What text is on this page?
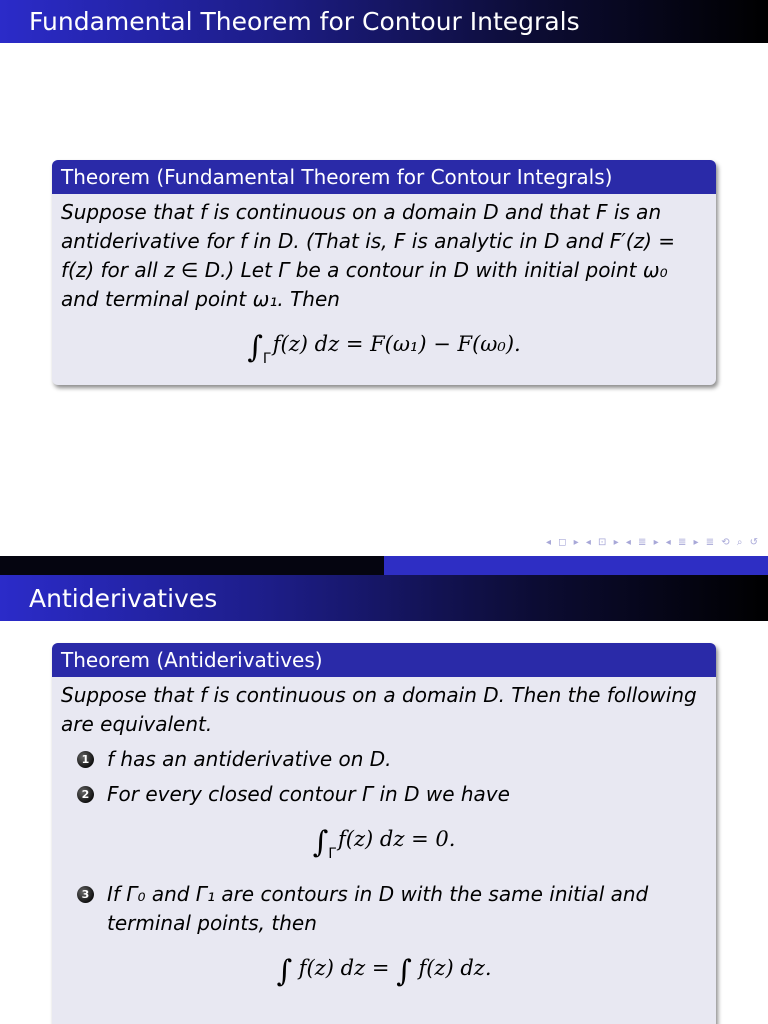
Fundamental Theorem for Contour Integrals
Theorem (Fundamental Theorem for Contour Integrals)
Suppose that f is continuous on a domain D and that F is an antiderivative for f in D. (That is, F is analytic in D and F′(z) = f(z) for all z ∈ D.) Let Γ be a contour in D with initial point ω₀ and terminal point ω₁. Then
$\int_\Gamma f(z)$ dz = F(ω₁) − F(ω₀).
◂ ◻ ▸ ◂ ⊡ ▸ ◂ ≣ ▸ ◂ ≣ ▸ ≣ ⟲ ⌕ ↺
Antiderivatives
Theorem (Antiderivatives)
Suppose that f is continuous on a domain D. Then the following are equivalent.
1 f has an antiderivative on D.
2 For every closed contour Γ in D we have
$\int_\Gamma f(z)$ dz = 0.
3 If Γ₀ and Γ₁ are contours in D with the same initial and terminal points, then
∫ f(z) dz = ∫ f(z) dz.
